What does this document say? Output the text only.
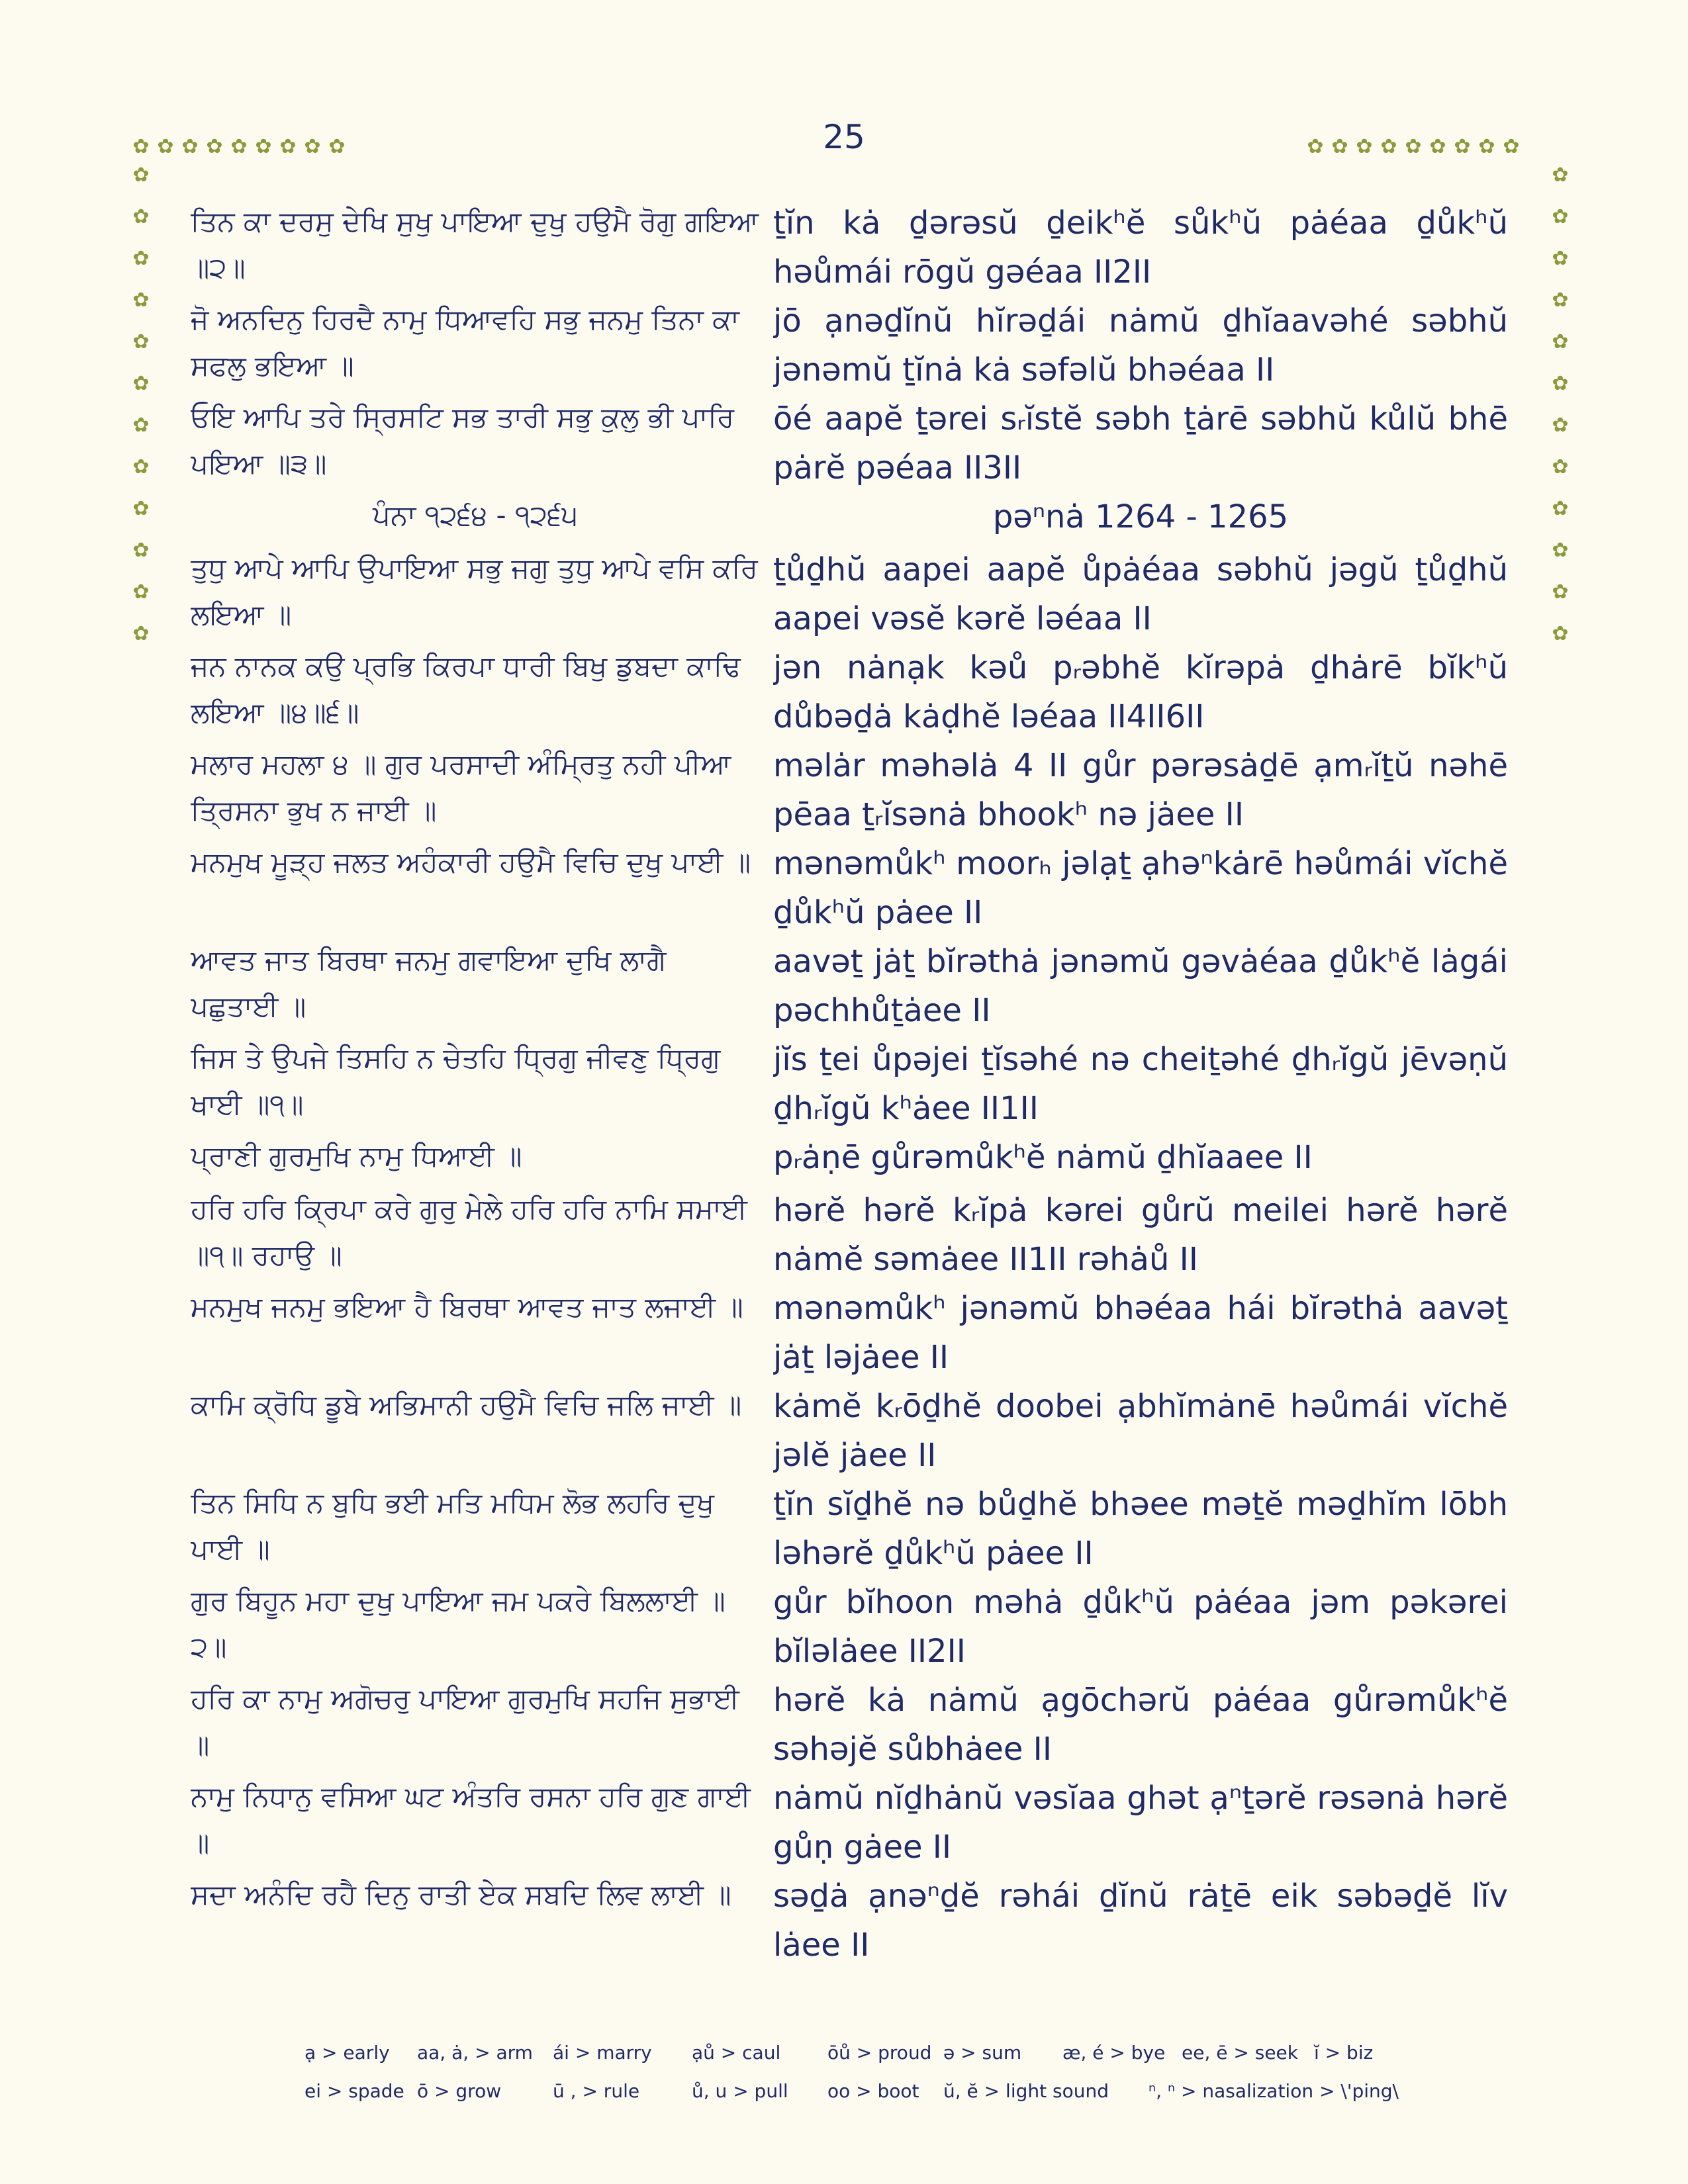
25
✿ ✿ ✿ ✿ ✿ ✿ ✿ ✿ ✿	✿ ✿ ✿ ✿ ✿ ✿ ✿ ✿ ✿
✿
✿
✿
✿
✿
✿
✿
✿
✿
✿
✿
✿
✿
✿
✿
✿
✿
✿
✿
✿
✿
✿
✿
✿
ਤਿਨ ਕਾ ਦਰਸੁ ਦੇਖਿ ਸੁਖੁ ਪਾਇਆ ਦੁਖੁ ਹਉਮੈ ਰੋਗੁ ਗਇਆ ॥੨॥
ṯĭn kȧ ḏərəsŭ ḏeikʰĕ sůkʰŭ pȧéaa ḏůkʰŭ həůmái rōgŭ gəéaa II2II
ਜੋ ਅਨਦਿਨੁ ਹਿਰਦੈ ਨਾਮੁ ਧਿਆਵਹਿ ਸਭੁ ਜਨਮੁ ਤਿਨਾ ਕਾ ਸਫਲੁ ਭਇਆ ॥
jō ạnəḏĭnŭ hĭrəḏái nȧmŭ ḏhĭaavəhé səbhŭ jənəmŭ ṯĭnȧ kȧ səfəlŭ bhəéaa II
ਓਇ ਆਪਿ ਤਰੇ ਸ੍ਰਿਸਟਿ ਸਭ ਤਾਰੀ ਸਭੁ ਕੁਲੁ ਭੀ ਪਾਰਿ ਪਇਆ ॥੩॥
ōé aapĕ ṯərei sᵣĭstĕ səbh ṯȧrē səbhŭ kůlŭ bhē pȧrĕ pəéaa II3II
ਪੰਨਾ ੧੨੬੪ - ੧੨੬੫	pəⁿnȧ 1264 - 1265
ਤੁਧੁ ਆਪੇ ਆਪਿ ਉਪਾਇਆ ਸਭੁ ਜਗੁ ਤੁਧੁ ਆਪੇ ਵਸਿ ਕਰਿ ਲਇਆ ॥
ṯůḏhŭ aapei aapĕ ůpȧéaa səbhŭ jəgŭ ṯůḏhŭ aapei vəsĕ kərĕ ləéaa II
ਜਨ ਨਾਨਕ ਕਉ ਪ੍ਰਭਿ ਕਿਰਪਾ ਧਾਰੀ ਬਿਖੁ ਡੁਬਦਾ ਕਾਢਿ ਲਇਆ ॥੪॥੬॥
jən nȧnạk kəů pᵣəbhĕ kĭrəpȧ ḏhȧrē bĭkʰŭ důbəḏȧ kȧḍhĕ ləéaa II4II6II
ਮਲਾਰ ਮਹਲਾ ੪ ॥ ਗੁਰ ਪਰਸਾਦੀ ਅੰਮ੍ਰਿਤੁ ਨਹੀ ਪੀਆ ਤ੍ਰਿਸਨਾ ਭੁਖ ਨ ਜਾਈ ॥
məlȧr məhəlȧ 4 II gůr pərəsȧḏē ạmᵣĭṯŭ nəhē pēaa ṯᵣĭsənȧ bhookʰ nə jȧee II
ਮਨਮੁਖ ਮੂੜ੍ਹ ਜਲਤ ਅਹੰਕਾਰੀ ਹਉਮੈ ਵਿਚਿ ਦੁਖੁ ਪਾਈ ॥ mənəmůkʰ moorₕ jəlạṯ ạhəⁿkȧrē həůmái vĭchĕ ḏůkʰŭ pȧee II
ਆਵਤ ਜਾਤ ਬਿਰਥਾ ਜਨਮੁ ਗਵਾਇਆ ਦੁਖਿ ਲਾਗੈ ਪਛੁਤਾਈ ॥
aavəṯ jȧṯ bĭrəthȧ jənəmŭ gəvȧéaa ḏůkʰĕ lȧgái pəchhůṯȧee II
ਜਿਸ ਤੇ ਉਪਜੇ ਤਿਸਹਿ ਨ ਚੇਤਹਿ ਧ੍ਰਿਗੁ ਜੀਵਣੁ ਧ੍ਰਿਗੁ ਖਾਈ ॥੧॥
jĭs ṯei ůpəjei ṯĭsəhé nə cheiṯəhé ḏhᵣĭgŭ jēvəṇŭ ḏhᵣĭgŭ kʰȧee II1II
ਪ੍ਰਾਣੀ ਗੁਰਮੁਖਿ ਨਾਮੁ ਧਿਆਈ ॥	pᵣȧṇē gůrəmůkʰĕ nȧmŭ ḏhĭaaee II
ਹਰਿ ਹਰਿ ਕ੍ਰਿਪਾ ਕਰੇ ਗੁਰੁ ਮੇਲੇ ਹਰਿ ਹਰਿ ਨਾਮਿ ਸਮਾਈ ॥੧॥ ਰਹਾਉ ॥
hərĕ hərĕ kᵣĭpȧ kərei gůrŭ meilei hərĕ hərĕ nȧmĕ səmȧee II1II rəhȧů II
ਮਨਮੁਖ ਜਨਮੁ ਭਇਆ ਹੈ ਬਿਰਥਾ ਆਵਤ ਜਾਤ ਲਜਾਈ ॥ mənəmůkʰ jənəmŭ bhəéaa hái bĭrəthȧ aavəṯ jȧṯ ləjȧee II
ਕਾਮਿ ਕ੍ਰੋਧਿ ਡੂਬੇ ਅਭਿਮਾਨੀ ਹਉਮੈ ਵਿਚਿ ਜਲਿ ਜਾਈ ॥ kȧmĕ kᵣōḏhĕ doobei ạbhĭmȧnē həůmái vĭchĕ jəlĕ jȧee II
ਤਿਨ ਸਿਧਿ ਨ ਬੁਧਿ ਭਈ ਮਤਿ ਮਧਿਮ ਲੋਭ ਲਹਰਿ ਦੁਖੁ ਪਾਈ ॥
ṯĭn sĭḏhĕ nə bůḏhĕ bhəee məṯĕ məḏhĭm lōbh ləhərĕ ḏůkʰŭ pȧee II
ਗੁਰ ਬਿਹੂਨ ਮਹਾ ਦੁਖੁ ਪਾਇਆ ਜਮ ਪਕਰੇ ਬਿਲਲਾਈ ॥੨॥
gůr bĭhoon məhȧ ḏůkʰŭ pȧéaa jəm pəkərei bĭləlȧee II2II
ਹਰਿ ਕਾ ਨਾਮੁ ਅਗੋਚਰੁ ਪਾਇਆ ਗੁਰਮੁਖਿ ਸਹਜਿ ਸੁਭਾਈ ॥
hərĕ kȧ nȧmŭ ạgōchərŭ pȧéaa gůrəmůkʰĕ səhəjĕ sůbhȧee II
ਨਾਮੁ ਨਿਧਾਨੁ ਵਸਿਆ ਘਟ ਅੰਤਰਿ ਰਸਨਾ ਹਰਿ ਗੁਣ ਗਾਈ ॥
nȧmŭ nĭḏhȧnŭ vəsĭaa ghət ạⁿṯərĕ rəsənȧ hərĕ gůṇ gȧee II
ਸਦਾ ਅਨੰਦਿ ਰਹੈ ਦਿਨੁ ਰਾਤੀ ਏਕ ਸਬਦਿ ਲਿਵ ਲਾਈ ॥	səḏȧ ạnəⁿḏĕ rəhái ḏĭnŭ rȧṯē eik səbəḏĕ lĭv lȧee II
ạ > early	aa, ȧ, > arm	ái > marry	ạů > caul	ōů > proud ə > sum	æ, é > bye ee, ē > seek ĭ > biz
ei > spade ō > grow	ū , > rule	ů, u > pull	oo > boot	ŭ, ĕ > light sound	ⁿ, ⁿ > nasalization > \'ping\
